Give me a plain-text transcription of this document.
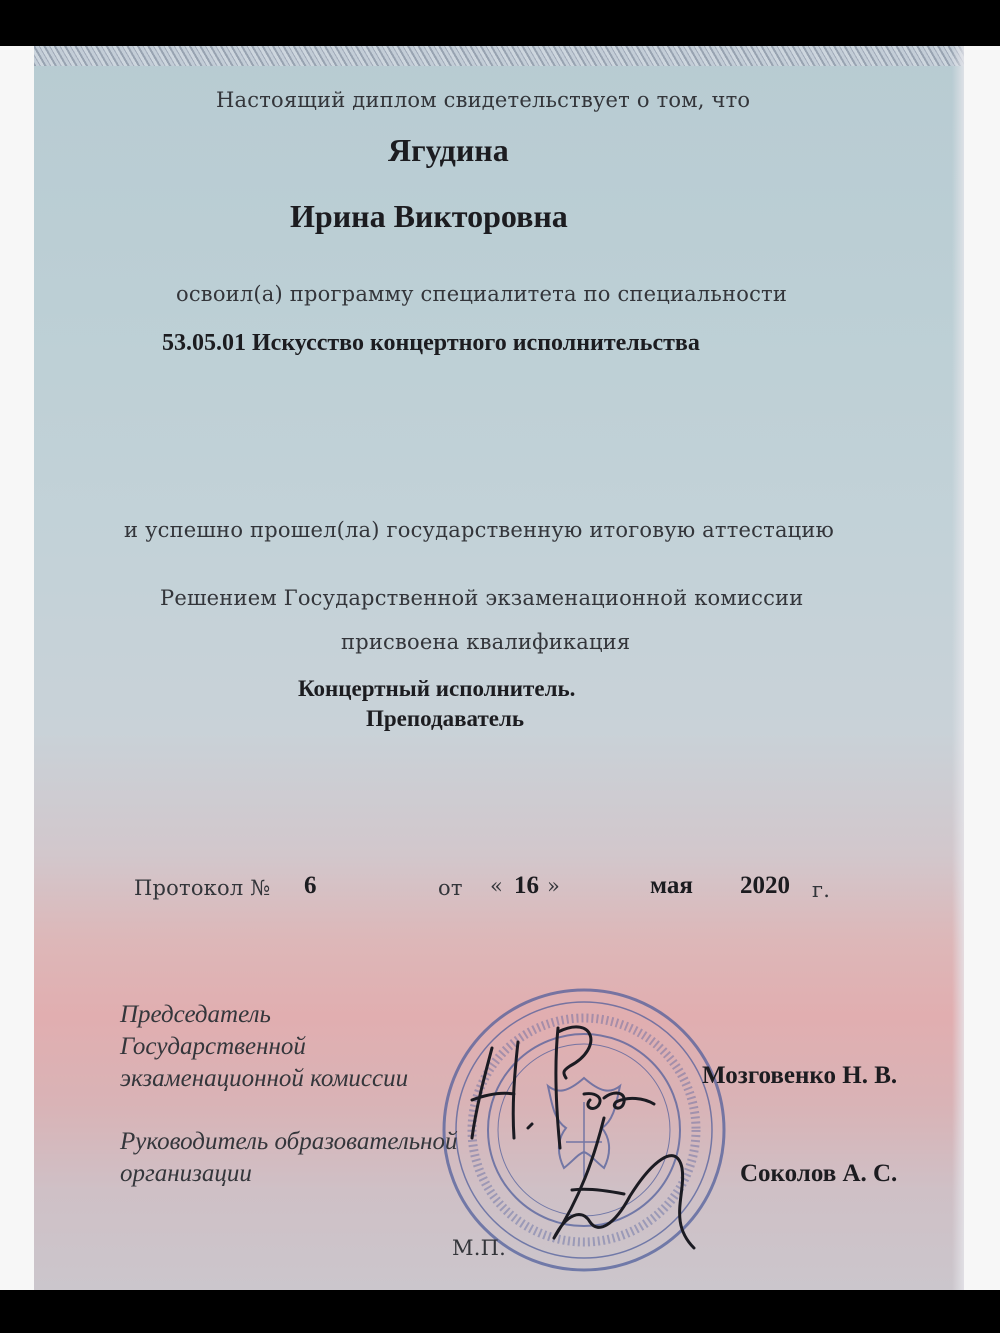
Настоящий диплом свидетельствует о том, что
Ягудина
Ирина Викторовна
освоил(а) программу специалитета по специальности
53.05.01 Искусство концертного исполнительства
и успешно прошел(ла) государственную итоговую аттестацию
Решением Государственной экзаменационной комиссии
присвоена квалификация
Концертный исполнитель.
Преподаватель
Протокол № 6	от « 16 »	мая 2020 г.
Председатель
Государственной
экзаменационной комиссии	Мозговенко Н. В.
Руководитель образовательной
организации	Соколов А. С.
М.П.
